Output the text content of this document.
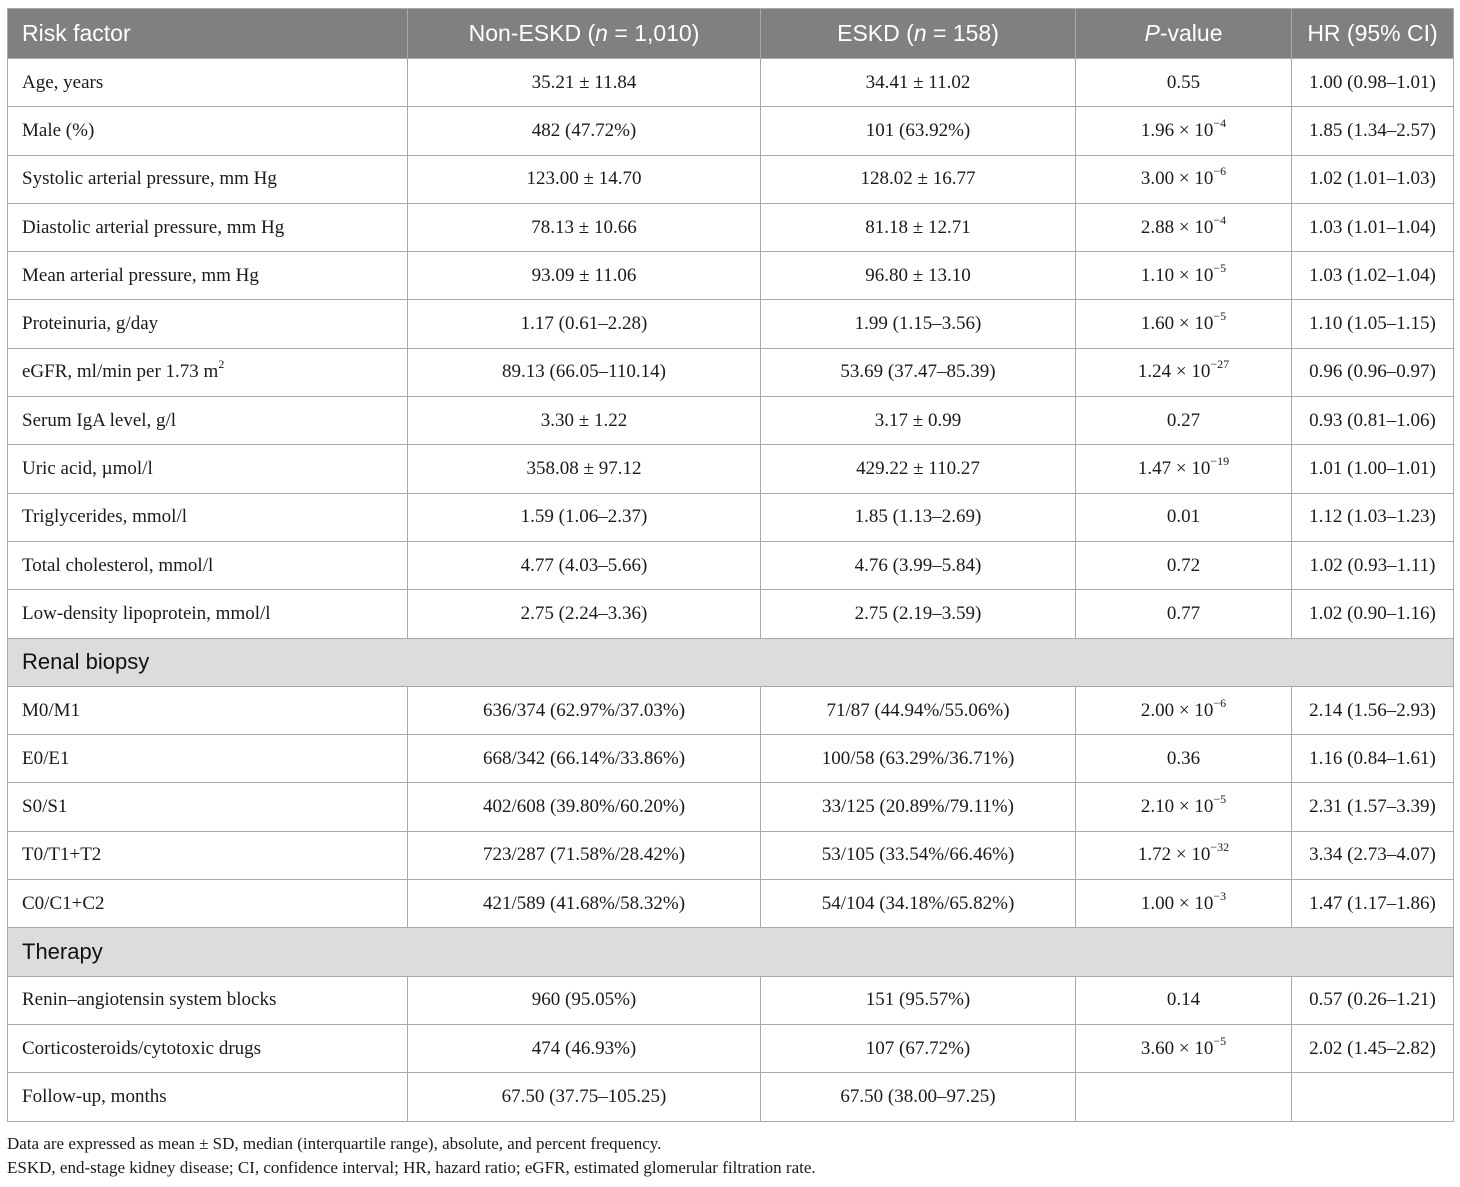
Risk factor	Non-ESKD (n = 1,010)	ESKD (n = 158)	P-value	HR (95% CI)
Age, years	35.21 ± 11.84	34.41 ± 11.02	0.55	1.00 (0.98–1.01)
Male (%)	482 (47.72%)	101 (63.92%)	$1.96 \times 10^{-4}$	1.85 (1.34–2.57)
Systolic arterial pressure, mm Hg	123.00 ± 14.70	128.02 ± 16.77	$3.00 \times 10^{-6}$	1.02 (1.01–1.03)
Diastolic arterial pressure, mm Hg	78.13 ± 10.66	81.18 ± 12.71	$2.88 \times 10^{-4}$	1.03 (1.01–1.04)
Mean arterial pressure, mm Hg	93.09 ± 11.06	96.80 ± 13.10	$1.10 \times 10^{-5}$	1.03 (1.02–1.04)
Proteinuria, g/day	1.17 (0.61–2.28)	1.99 (1.15–3.56)	$1.60 \times 10^{-5}$	1.10 (1.05–1.15)
eGFR, ml/min per 1.73 $m^2$	89.13 (66.05–110.14)	53.69 (37.47–85.39)	$1.24 \times 10^{-27}$	0.96 (0.96–0.97)
Serum IgA level, g/l	3.30 ± 1.22	3.17 ± 0.99	0.27	0.93 (0.81–1.06)
Uric acid, µmol/l	358.08 ± 97.12	429.22 ± 110.27	$1.47 \times 10^{-19}$	1.01 (1.00–1.01)
Triglycerides, mmol/l	1.59 (1.06–2.37)	1.85 (1.13–2.69)	0.01	1.12 (1.03–1.23)
Total cholesterol, mmol/l	4.77 (4.03–5.66)	4.76 (3.99–5.84)	0.72	1.02 (0.93–1.11)
Low-density lipoprotein, mmol/l	2.75 (2.24–3.36)	2.75 (2.19–3.59)	0.77	1.02 (0.90–1.16)
Renal biopsy				
M0/M1	636/374 (62.97%/37.03%)	71/87 (44.94%/55.06%)	$2.00 \times 10^{-6}$	2.14 (1.56–2.93)
E0/E1	668/342 (66.14%/33.86%)	100/58 (63.29%/36.71%)	0.36	1.16 (0.84–1.61)
S0/S1	402/608 (39.80%/60.20%)	33/125 (20.89%/79.11%)	$2.10 \times 10^{-5}$	2.31 (1.57–3.39)
T0/T1+T2	723/287 (71.58%/28.42%)	53/105 (33.54%/66.46%)	$1.72 \times 10^{-32}$	3.34 (2.73–4.07)
C0/C1+C2	421/589 (41.68%/58.32%)	54/104 (34.18%/65.82%)	$1.00 \times 10^{-3}$	1.47 (1.17–1.86)
Therapy				
Renin–angiotensin system blocks	960 (95.05%)	151 (95.57%)	0.14	0.57 (0.26–1.21)
Corticosteroids/cytotoxic drugs	474 (46.93%)	107 (67.72%)	$3.60 \times 10^{-5}$	2.02 (1.45–2.82)
Follow-up, months	67.50 (37.75–105.25)	67.50 (38.00–97.25)		
Data are expressed as mean ± SD, median (interquartile range), absolute, and percent frequency.
ESKD, end-stage kidney disease; CI, confidence interval; HR, hazard ratio; eGFR, estimated glomerular filtration rate.
